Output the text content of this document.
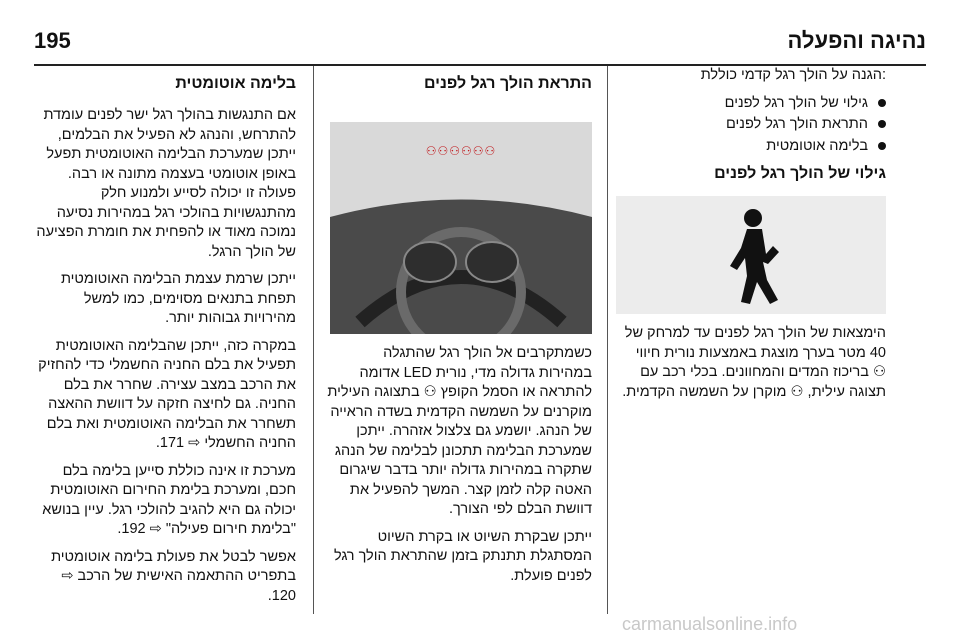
195	נהיגה והפעלה

:הגנה על הולך רגל קדמי כוללת

גילוי של הולך רגל לפנים
התראת הולך רגל לפנים
בלימה אוטומטית
גילוי של הולך רגל לפנים

הימצאות של הולך רגל לפנים עד למרחק של 40 מטר בערך מוצגת באמצעות נורית חיווי ⚇ בריכוז המדים והמחוונים. בכלי רכב עם תצוגה עילית, ⚇ מוקרן על השמשה הקדמית.

התראת הולך רגל לפנים
⚇⚇⚇⚇⚇⚇

כשמתקרבים אל הולך רגל שהתגלה במהירות גדולה מדי, נורית LED אדומה להתראה או הסמל הקופץ ⚇ בתצוגה העילית מוקרנים על השמשה הקדמית בשדה הראייה של הנהג. יושמע גם צלצול אזהרה. ייתכן שמערכת הבלימה תתכונן לבלימה של הנהג שתקרה במהירות גדולה יותר בדבר שיגרום האטה קלה לזמן קצר. המשך להפעיל את דוושת הבלם לפי הצורך.

ייתכן שבקרת השיוט או בקרת השיוט המסתגלת תתנתק בזמן שהתראת הולך רגל לפנים פועלת.

בלימה אוטומטית

אם התנגשות בהולך רגל ישר לפנים עומדת להתרחש, והנהג לא הפעיל את הבלמים, ייתכן שמערכת הבלימה האוטומטית תפעל באופן אוטומטי בעצמה מתונה או רבה. פעולה זו יכולה לסייע ולמנוע חלק מהתנגשויות בהולכי רגל במהירות נסיעה נמוכה מאוד או להפחית את חומרת הפציעה של הולך הרגל.

ייתכן שרמת עצמת הבלימה האוטומטית תפחת בתנאים מסוימים, כמו למשל מהירויות גבוהות יותר.

במקרה כזה, ייתכן שהבלימה האוטומטית תפעיל את בלם החניה החשמלי כדי להחזיק את הרכב במצב עצירה. שחרר את בלם החניה. גם לחיצה חזקה על דוושת ההאצה תשחרר את הבלימה האוטומטית ואת בלם החניה החשמלי ⇨ 171.

מערכת זו אינה כוללת סייען בלימה בלם חכם, ומערכת בלימת החירום האוטומטית יכולה גם היא להגיב להולכי רגל. עיין בנושא "בלימת חירום פעילה" ⇨ 192.

אפשר לבטל את פעולת בלימה אוטומטית בתפריט ההתאמה האישית של הרכב ⇨ 120.

carmanualsonline.info
